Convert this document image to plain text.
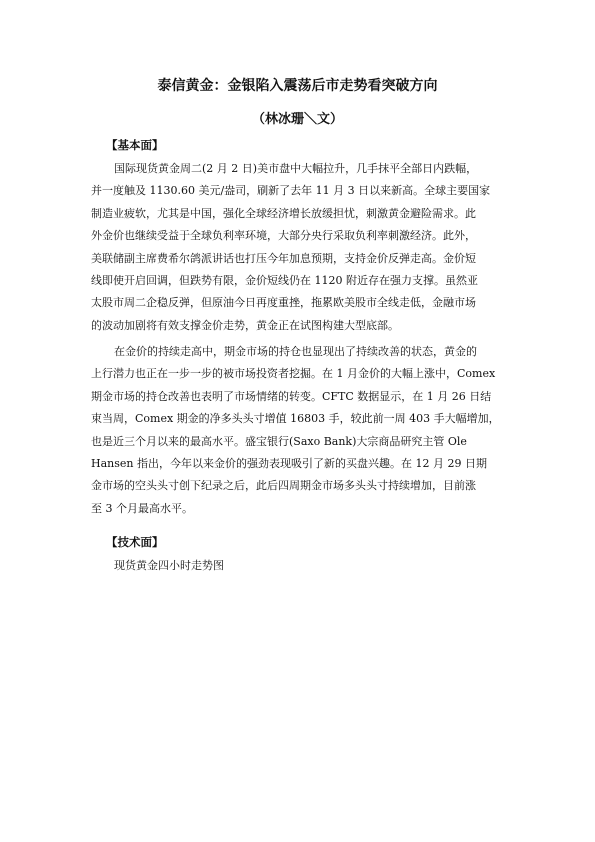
泰信黄金：金银陷入震荡后市走势看突破方向
（林冰珊＼文）
【基本面】
国际现货黄金周二(2 月 2 日)美市盘中大幅拉升，几手抹平全部日内跌幅，
并一度触及 1130.60 美元/盎司，刷新了去年 11 月 3 日以来新高。全球主要国家
制造业疲软，尤其是中国，强化全球经济增长放缓担忧，刺激黄金避险需求。此
外金价也继续受益于全球负利率环境，大部分央行采取负利率刺激经济。此外，
美联储副主席费希尔鸽派讲话也打压今年加息预期，支持金价反弹走高。金价短
线即使开启回调，但跌势有限，金价短线仍在 1120 附近存在强力支撑。虽然亚
太股市周二企稳反弹，但原油今日再度重挫，拖累欧美股市全线走低，金融市场
的波动加剧将有效支撑金价走势，黄金正在试图构建大型底部。
在金价的持续走高中，期金市场的持仓也显现出了持续改善的状态，黄金的
上行潜力也正在一步一步的被市场投资者挖掘。在 1 月金价的大幅上涨中，Comex
期金市场的持仓改善也表明了市场情绪的转变。CFTC 数据显示，在 1 月 26 日结
束当周，Comex 期金的净多头头寸增值 16803 手，较此前一周 403 手大幅增加，
也是近三个月以来的最高水平。盛宝银行(Saxo Bank)大宗商品研究主管 Ole
Hansen 指出，今年以来金价的强劲表现吸引了新的买盘兴趣。在 12 月 29 日期
金市场的空头头寸创下纪录之后，此后四周期金市场多头头寸持续增加，目前涨
至 3 个月最高水平。
【技术面】
现货黄金四小时走势图
